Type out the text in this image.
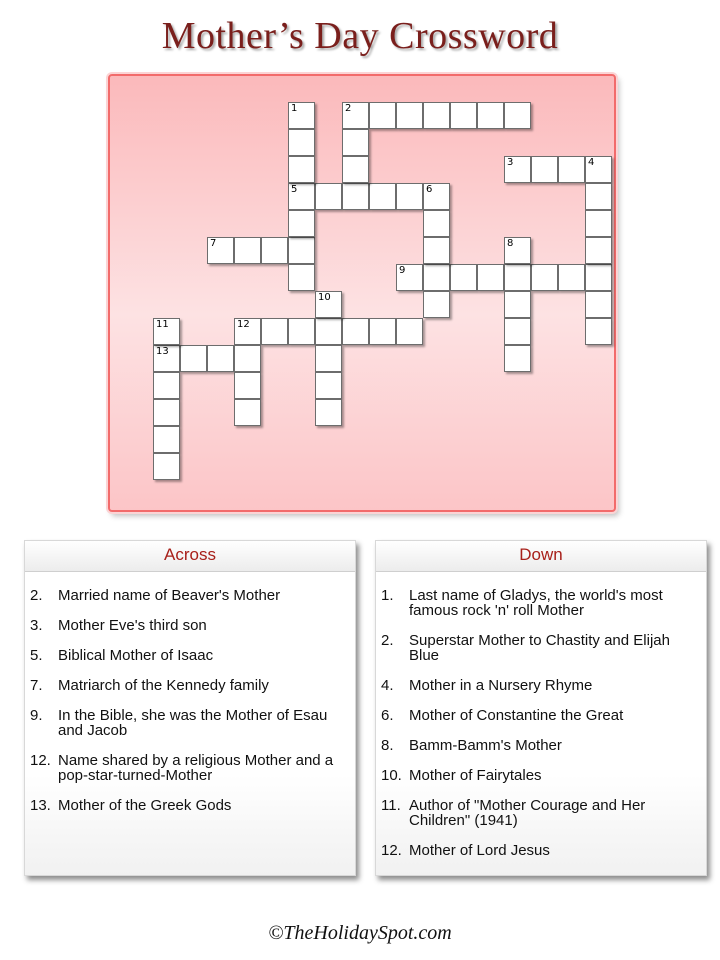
Mother’s Day Crossword
2
3	4
5	6
7
9
12
13
1
8
10
11
Across
2.	Married name of Beaver's Mother
3.	Mother Eve's third son
5.	Biblical Mother of Isaac
7.	Matriarch of the Kennedy family
9.	In the Bible, she was the Mother of Esau and Jacob
12. Name shared by a religious Mother and a pop-star-turned-Mother
13. Mother of the Greek Gods
Down
1.	Last name of Gladys, the world's most famous rock 'n' roll Mother
2.	Superstar Mother to Chastity and Elijah Blue
4.	Mother in a Nursery Rhyme
6.	Mother of Constantine the Great
8.	Bamm-Bamm's Mother
10. Mother of Fairytales
11. Author of "Mother Courage and Her Children" (1941)
12. Mother of Lord Jesus
©TheHolidaySpot.com
